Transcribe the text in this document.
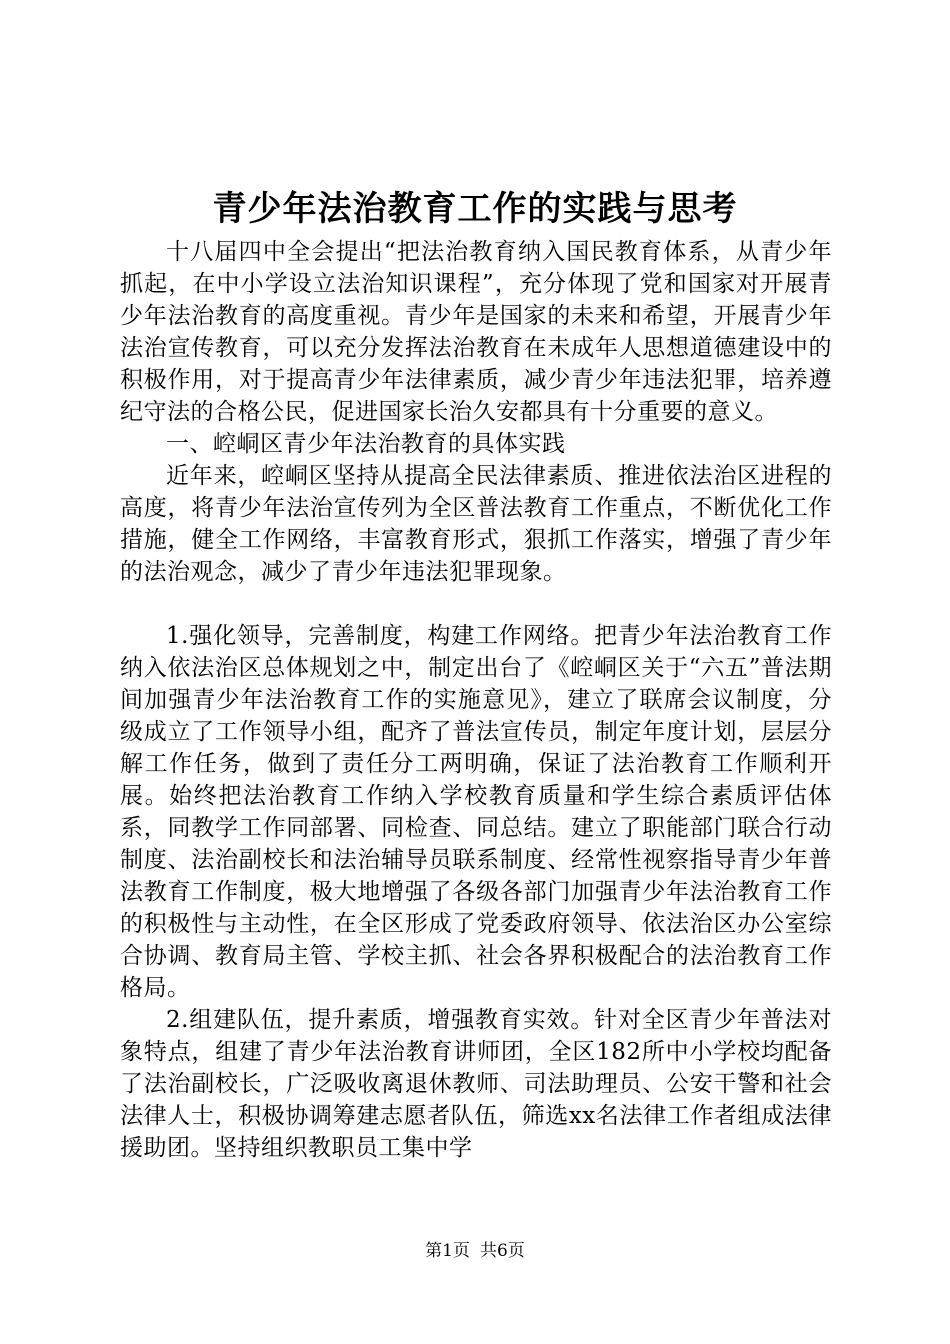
青少年法治教育工作的实践与思考

十八届四中全会提出“把法治教育纳入国民教育体系，从青少年抓起，在中小学设立法治知识课程”，充分体现了党和国家对开展青少年法治教育的高度重视。青少年是国家的未来和希望，开展青少年法治宣传教育，可以充分发挥法治教育在未成年人思想道德建设中的积极作用，对于提高青少年法律素质，减少青少年违法犯罪，培养遵纪守法的合格公民，促进国家长治久安都具有十分重要的意义。

一、崆峒区青少年法治教育的具体实践

近年来，崆峒区坚持从提高全民法律素质、推进依法治区进程的高度，将青少年法治宣传列为全区普法教育工作重点，不断优化工作措施，健全工作网络，丰富教育形式，狠抓工作落实，增强了青少年的法治观念，减少了青少年违法犯罪现象。

1.强化领导，完善制度，构建工作网络。把青少年法治教育工作纳入依法治区总体规划之中，制定出台了《崆峒区关于“六五”普法期间加强青少年法治教育工作的实施意见》，建立了联席会议制度，分级成立了工作领导小组，配齐了普法宣传员，制定年度计划，层层分解工作任务，做到了责任分工两明确，保证了法治教育工作顺利开展。始终把法治教育工作纳入学校教育质量和学生综合素质评估体系，同教学工作同部署、同检查、同总结。建立了职能部门联合行动制度、法治副校长和法治辅导员联系制度、经常性视察指导青少年普法教育工作制度，极大地增强了各级各部门加强青少年法治教育工作的积极性与主动性，在全区形成了党委政府领导、依法治区办公室综合协调、教育局主管、学校主抓、社会各界积极配合的法治教育工作格局。

2.组建队伍，提升素质，增强教育实效。针对全区青少年普法对象特点，组建了青少年法治教育讲师团，全区182所中小学校均配备了法治副校长，广泛吸收离退休教师、司法助理员、公安干警和社会法律人士，积极协调筹建志愿者队伍，筛选xx名法律工作者组成法律援助团。坚持组织教职员工集中学

第1页 共6页
